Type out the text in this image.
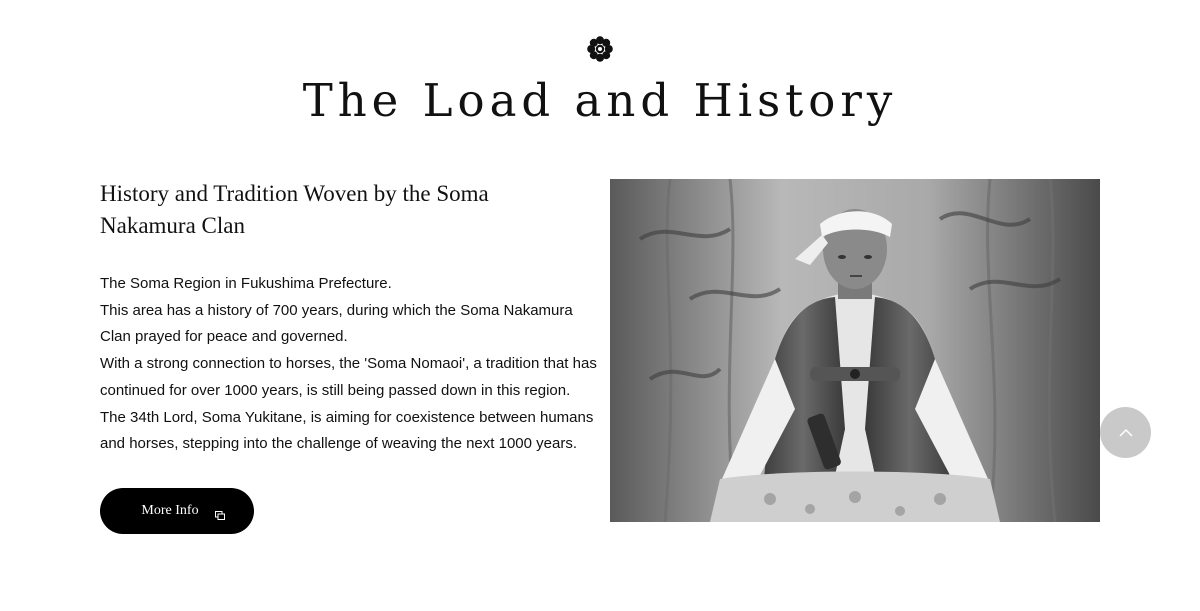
The Load and History
History and Tradition Woven by the Soma Nakamura Clan

The Soma Region in Fukushima Prefecture.

This area has a history of 700 years, during which the Soma Nakamura Clan prayed for peace and governed.

With a strong connection to horses, the 'Soma Nomaoi', a tradition that has continued for over 1000 years, is still being passed down in this region.

The 34th Lord, Soma Yukitane, is aiming for coexistence between humans and horses, stepping into the challenge of weaving the next 1000 years.

More Info
